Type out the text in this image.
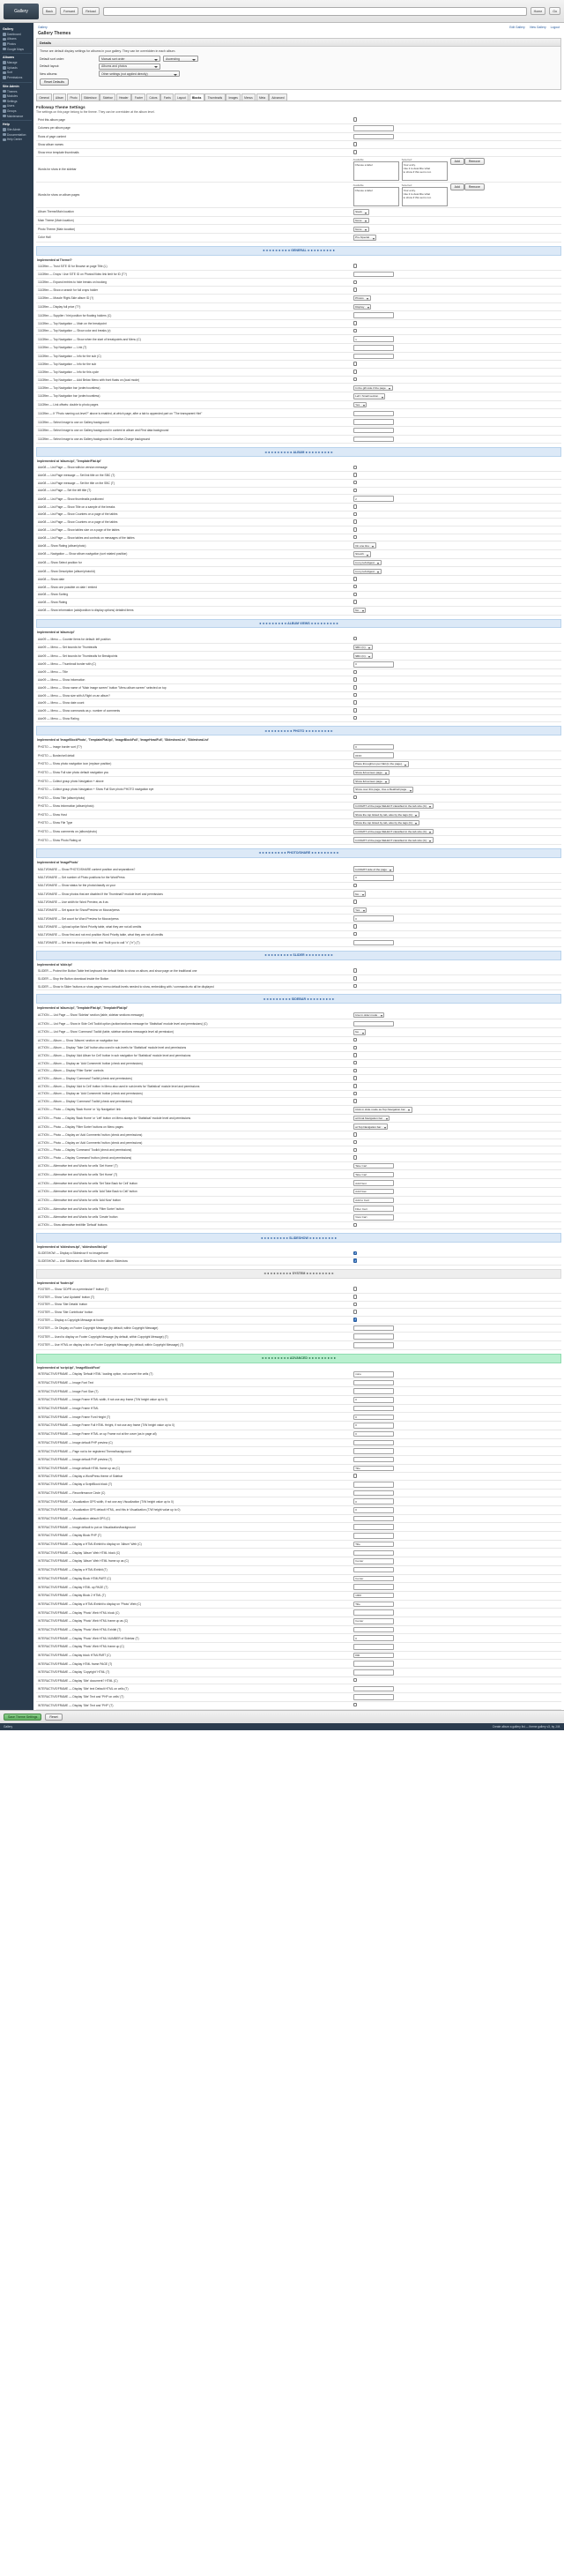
Gallery	Back	Forward	Reload	Home	Go
Gallery
Dashboard
Albums
Photos
Google Maps
Albums
Manage
Uploads
Sort
Permissions
Site Admin
Themes
Modules
Settings
Users
Groups
Maintenance
Help
Site Admin
Documentation
Help Center
Gallery	Edit Gallery View Gallery Logout
Gallery Themes
Details
These are default display settings for albums in your gallery. They can be overridden in each album.
Default sort order:	Manual sort order	Ascending
Default layout:	Albums and photos
New albums:	Other settings (not applied directly)
Reset Defaults
General	Album	Photo	Slideshow	Sidebar	Header	Footer	Colors	Fonts	Layout	Blocks	Thumbnails	Images	Menus	Meta	Advanced
Followup Theme Settings
The settings on this page belong to the theme. They can be overridden at the album level.
Print this album page	
Columns per album page	

Rows of page content	

Show album names	
Show error template thumbnails	
Words for show in the sidebar	
Available
Choose a label
Selected
Your entry.
Use it to describe what
to show if this set is not.
Add	Remove

Words for show on album pages	
Available
Choose a label
Selected
Your entry.
Use it to describe what
to show if this set is not.
Add	Remove

Album Theme/Main location	Stack
Main Theme (Main location)	None
Photo Theme (Main location)	None
Color Hall	Pre-Special
◄◄◄◄◄◄◄◄◄ GENERAL ►►►►►►►►►
Implemented at Theme/?
1143flex — Trust SITE ID for Browse on page Title (L)	
1143flex — Drops / Use SITE ID on Photos/Video link limit for ID (T?)	

1143flex — Expand entries to hide breaks on booking	
1143flex — Show a search for full crops holder	
1143flex — Muscle Right-Side album ID (?)	Photos
1143flex — Display full price (T?)	Display
1143flex — Supplier / hint position for floating holders (C)	

1143flex — Top Navigation — Main on the breakpoint	
1143flex — Top Navigation — Show color and breaks (v)	
1143flex — Top Navigation — Show when the start of breakpoints and Menu (C)	1

1143flex — Top Navigation — Link (T)	

1143flex — Top Navigation — Info for the sub (C)	

1143flex — Top Navigation — Info for the sub	
1143flex — Top Navigation — Info for this cycle	
1143flex — Top Navigation — Add Below Menu with front floats on (load mode)	
1143flex — Top Navigation bar (order/countless)	In the gift side if the page
1143flex — Top Navigation bar (order/countless)	Left / Small section
1143flex — Link offsets: double to photo pages	Yes
1143flex — If "Photo naming cut-level?" above is enabled, at which page, after a tab to appended part on "The transparent Hint"	

1143flex — Select Image to use on Gallery background	

1143flex — Select Image to use on Gallery background in content in album and First data background	

1143flex — Select Image to use as Gallery background in Creative-Charge background	
◄◄◄◄◄◄◄◄◄ ALBUM ►►►►►►►►►
Implemented at 'album.tpl', 'Template/Flat.tpl'
Adv08 — List Page — Show with/on version message	
Adv08 — List Page message — Set link title on the SBC (T)	
Adv08 — List Page message — Set the title on the SBC (T)	
Adv08 — List Page — Set the left title (T)	
Adv08 — List Page — Show thumbnails positioned	2

Adv08 — List Page — Show Title on a sample of the breaks	
Adv08 — List Page — Show Counters on a page of the tables	
Adv08 — List Page — Show Counters on a page of the tables	
Adv08 — List Page — Show tables size on a page of the tables	
Adv08 — List Page — Show tables and controls on messages of the tables	
Adv08 — Show Rating (album/photo)	On one line
Adv08 — Navigation — Show album navigation (sort rotated position)	Stretch
Adv08 — Show Select position for	In my left digest
Adv08 — Show Description (album/photo/id)	In my left digest
Adv08 — Show date	
Adv08 — Show one possible on date / embed	
Adv08 — Show Sorting	
Adv08 — Show Rating	
Adv08 — Show information (add/position to display options) detailed items	No
◄◄◄◄◄◄◄◄◄ ALBUM VIEWS ►►►►►►►►►
Implemented at 'album.tpl'
Adv09 — Menu — Counter items for default: left position	
Adv09 — Menu — Set bounds for Thumbnails	SBC (C)
Adv09 — Menu — Set bounds for Thumbnails for Breakpoints	SBC (C)
Adv09 — Menu — Thumbnail border with (C)	0

Adv09 — Menu — Title	
Adv09 — Menu — Show information	
Adv09 — Menu — Show name of "Main image screen" button "Menu album screen" selected on top	
Adv09 — Menu — Show size with A Right on an album?	
Adv09 — Menu — Show date count	
Adv09 — Menu — Show commands as p. number of comments	
Adv09 — Menu — Show Rating	
◄◄◄◄◄◄◄◄◄ PHOTO ►►►►►►►►►
Implemented at 'ImageBlockPhoto', 'Template/Flat.tpl', 'ImageBlockFull', 'ImageHeadFull', 'SlideshowList', 'SlideshowList'
PHOTO — Image border sort (T?)	0

PHOTO — Border/cell detail	#FFF

PHOTO — Show photo navigation icon (replace position)	Place through/on per SEI (in the page)
PHOTO — Show Full size photo default navigation you	Show full-screen page
PHOTO — Collect group photo Navigation + above	Show full-screen page
PHOTO — Collect group photo Navigation + Show Full Size photo PHOTO navigation eye	Show over this page, Use a RealCall page
PHOTO — Show Title (album/photo)	
PHOTO — Show information (album/photo)	In RIGHT of the page SELECT classified in the tab size (C)
PHOTO — Show Host	Show the top linked by tab, also by the tags (C)
PHOTO — Show File Type	Show the top linked by tab, also by the tags (C)
PHOTO — Show comments on (album/photo)	In RIGHT of the page SELECT classified in the tab size (C)
PHOTO — Show Photo Rating at	In RIGHT of the page SELECT classified in the tab size (C)
◄◄◄◄◄◄◄◄◄ PHOTO/SHARE ►►►►►►►►►
Implemented at 'ImagePhoto'
MULTI/SHARE — Show PHOTO/SHARE content position and separations?	In RIGHT side of the page
MULTI/SHARE — Set number of Photo positions for the WordPress	0

MULTI/SHARE — Show status for the photo/classify on your	
MULTI/SHARE — Show photos that are disabled if the Thumbnail? module level and permissions	No
MULTI/SHARE — Use width for Word Preview, as it as	
MULTI/SHARE — Set space for Show/Preview on Mouse/press	Yes
MULTI/SHARE — Set count for Word Preview for Mouse/press	0

MULTI/SHARE — Upload option Word Priority table, what they are not all credits	
MULTI/SHARE — Show first and not end position Word Priority table, what they are not all credits	
MULTI/SHARE — Set text to show public field, and "built you to call "x" ("n") (T)	
◄◄◄◄◄◄◄◄◄ SLIDER ►►►►►►►►►
Implemented at 'slide.tpl'
SLIDER — Protect the Button Table feel keyboard the default fields to show on album, and show page on the traditional one	
SLIDER — Stop the Button download inside the Button	
SLIDER — Show in Slider 'buttons or show pages' menu default levels needed to show, embedding with / commands etc all be displayed	
◄◄◄◄◄◄◄◄◄ SIDEBAR ►►►►►►►►►
Implemented at 'album.tpl', 'Template/Flat.tpl', 'Template/Flat.tpl'
ACTION — List Page — Show 'Sidebar' section (table, sidebar sections message)	Use in older mode
ACTION — List Page — Show in Side Cell Toolkit option (action/sections message for 'Statistical' module level and permissions) (C)	

ACTION — List Page — Show 'Command' Toolkit (table, sidebar sections message/a level all permission)	No
ACTION — Album — Show 'Albums' section on navigation bar	
ACTION — Album — Display 'Take Call' button also used in sub-levels for 'Statistical' module level and permissions	
ACTION — Album — Display 'Add Album for Cell' button in sub navigation for 'Statistical' module level and permissions	
ACTION — Album — Display an 'Add Comments' button (check and permissions)	
ACTION — Album — Display 'Filter Sorter' controls	
ACTION — Album — Display 'Command' Toolkit (check and permissions)	
ACTION — Album — Display 'Add to Cell' button in Menu also used in sub-levels for 'Statistical' module level and permissions	
ACTION — Album — Display an 'Add Comments' button (check and permissions)	
ACTION — Album — Display 'Command' Toolkit (check and permissions)	
ACTION — Photo — Display 'Back Home' or 'Up Navigation' link	Click in slide mode as Top Navigation bar
ACTION — Photo — Display 'Back Home' or 'Left' button on Menu always for 'Statistical' module level and permissions	at Final Navigation bar
ACTION — Photo — Display 'Filter Sorter' buttons on Menu pages	at Top Navigation bar
ACTION — Photo — Display an 'Add Comments' button (check and permissions)	
ACTION — Photo — Display an 'Add Comments' button (check and permissions)	
ACTION — Photo — Display 'Command' Toolkit (check and permissions)	
ACTION — Photo — Display 'Command' button (check and permissions)	
ACTION — Alternative text and Words for cells 'Get Home' (T)	Take Cart

ACTION — Alternative text and Words for cells 'Set Home' (T)	Take Cart

ACTION — Alternative text and Words for cells 'Set Take Back for Cell' button	Add Next

ACTION — Alternative text and Words for cells 'Add Take Back to Cell' button	Add Now

ACTION — Alternative text and Words for cells 'Add Now' button	Add to Cart

ACTION — Alternative text and Words for cells 'Filter Sorter' button	Filter Cart

ACTION — Alternative text and Words for cells 'Create' button	View Cart

ACTION — Show alternative text/title 'Default' buttons	
◄◄◄◄◄◄◄◄◄ SLIDESHOW ►►►►►►►►►
Implemented at 'slideshow.tpl', 'slideshow/list.tpl'
SLIDESHOW — Display a Slideshow if no Image/none	✓
SLIDESHOW — Use Slideshow or SlideShow in the album Slideshow	✓
◄◄◄◄◄◄◄◄◄ SYSTEM ►►►►►►►►►
Implemented at 'footer.tpl'
FOOTER — Show 'GDPR on a permission?' button (T)	
FOOTER — Show 'Last Updated' button (T)	
FOOTER — Show 'Site Details' button	
FOOTER — Show 'Site Contributor' button	
FOOTER — Display a Copyright Message at footer	✓
FOOTER — On Display on Footer Copyright Message (by default, within Copyright Message)	

FOOTER — Used to display on Footer Copyright Message (by default, within Copyright Message) (T)	

FOOTER — Use HTML on display a link on Footer Copyright Message (by default, within Copyright Message) (T)	
◄◄◄◄◄◄◄◄◄ ADVANCED ►►►►►►►►►
Implemented at 'script.tpl', 'ImageBlockFoot'
INTERACTIVE/FRAME — Display 'Default HTML' loading option, not convert the cells (T)	none

INTERACTIVE/FRAME — Image Font Text	

INTERACTIVE/FRAME — Image Font Size (T)	

INTERACTIVE/FRAME — Image Frame HTML width, if not use any frame (T/W height value up to 0)	0

INTERACTIVE/FRAME — Image Frame HTML	

INTERACTIVE/FRAME — Image Frame Font Height (T)	0

INTERACTIVE/FRAME — Image Frame Full HTML Height, if not use any frame (T/W height value up to 0)	0

INTERACTIVE/FRAME — Image Frame HTML on up Frame not at the cover (as in page all)	0

INTERACTIVE/FRAME — Image default PHP preview (C)	

INTERACTIVE/FRAME — Page not to be registered Theme/background	

INTERACTIVE/FRAME — Image default PHP preview (T)	

INTERACTIVE/FRAME — Image default HTML frame up as (C)	Title

INTERACTIVE/FRAME — Display a WordPress theme of Sidebar	
INTERACTIVE/FRAME — Display a ScriptBlock block (T)	

INTERACTIVE/FRAME — Reconfirmance Circle (C)	

INTERACTIVE/FRAME — Visualization GPS width, if not use any Visualization (T/W height value up to 0)	0

INTERACTIVE/FRAME — Visualization GPS default HTML, and this in Visualization (T/W height value up to 0)	0

INTERACTIVE/FRAME — Visualization default GPS (C)	

INTERACTIVE/FRAME — Image default to put on Visualization/background	

INTERACTIVE/FRAME — Display Block PHP (T)	

INTERACTIVE/FRAME — Display a HTML/Exhibit to display on 'Album' Web (C)	Title

INTERACTIVE/FRAME — Display 'Album' Web HTML block (C)	

INTERACTIVE/FRAME — Display 'Album' Web HTML frame up as (C)	Center

INTERACTIVE/FRAME — Display a HTML/Exhibit (T)	

INTERACTIVE/FRAME — Display Block HTMLPART (C)	Center

INTERACTIVE/FRAME — Display HTML up PAGE (T)	

INTERACTIVE/FRAME — Display Block 2 HTML (T)	1000

INTERACTIVE/FRAME — Display a HTML/Exhibit to display on 'Photo' Web (C)	Title

INTERACTIVE/FRAME — Display 'Photo' Web HTML block (C)	

INTERACTIVE/FRAME — Display 'Photo' Web HTML frame up as (C)	Center

INTERACTIVE/FRAME — Display 'Photo' Web HTML Exhibit (T)	

INTERACTIVE/FRAME — Display 'Photo' Web HTML NUMBER of Sidebar (T)	0

INTERACTIVE/FRAME — Display 'Photo' Web HTML frame up (C)	

INTERACTIVE/FRAME — Display block HTMLPART (C)	800

INTERACTIVE/FRAME — Display HTML frame PAGE (T)	

INTERACTIVE/FRAME — Display 'Copyright' HTML (T)	

INTERACTIVE/FRAME — Display 'Site' document? HTML (C)	
INTERACTIVE/FRAME — Display 'Site' text Default HTML on cells (T)	

INTERACTIVE/FRAME — Display 'Site' Text and 'PHP on cells' (T)	

INTERACTIVE/FRAME — Display 'Site' Text and 'PHP' (T)	
Save Theme Settings	Reset
Gallery	Create album a gallery list — theme gallery v3, by J.M.
